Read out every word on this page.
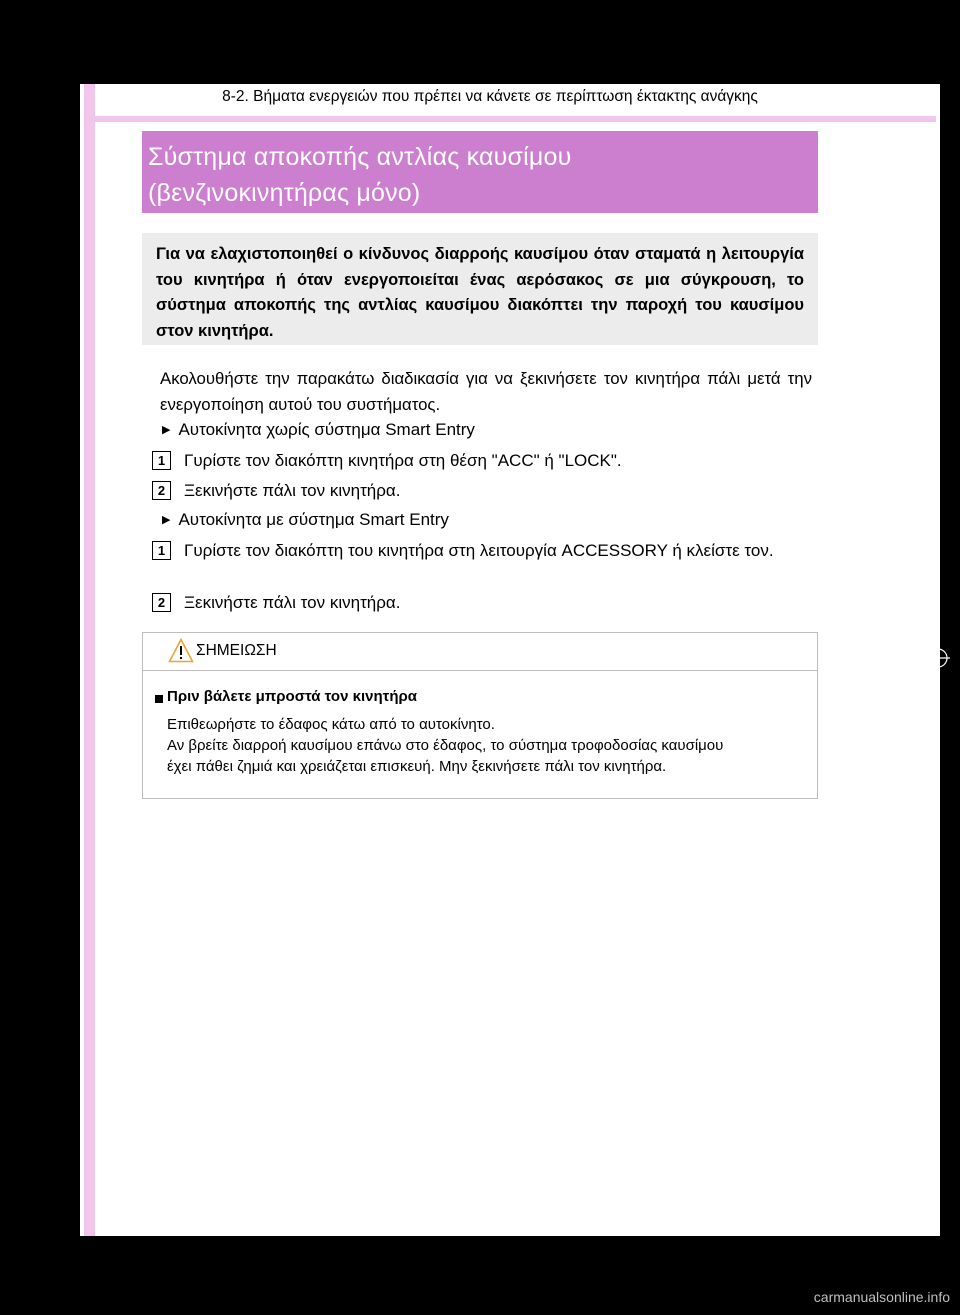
8-2. Βήματα ενεργειών που πρέπει να κάνετε σε περίπτωση έκτακτης ανάγκης
Σύστημα αποκοπής αντλίας καυσίμου
(βενζινοκινητήρας μόνο)

Για να ελαχιστοποιηθεί ο κίνδυνος διαρροής καυσίμου όταν σταματά η λειτουργία του κινητήρα ή όταν ενεργοποιείται ένας αερόσακος σε μια σύγκρουση, το σύστημα αποκοπής της αντλίας καυσίμου διακόπτει την παροχή του καυσίμου στον κινητήρα.

Ακολουθήστε την παρακάτω διαδικασία για να ξεκινήσετε τον κινητήρα πάλι μετά την ενεργοποίηση αυτού του συστήματος.

▶ Αυτοκίνητα χωρίς σύστημα Smart Entry
1	Γυρίστε τον διακόπτη κινητήρα στη θέση "ACC" ή "LOCK".
2	Ξεκινήστε πάλι τον κινητήρα.
▶ Αυτοκίνητα με σύστημα Smart Entry
1	Γυρίστε τον διακόπτη του κινητήρα στη λειτουργία ACCESSORY ή κλείστε τον.
2	Ξεκινήστε πάλι τον κινητήρα.
ΣΗΜΕΙΩΣΗ
Πριν βάλετε μπροστά τον κινητήρα
Επιθεωρήστε το έδαφος κάτω από το αυτοκίνητο.
Αν βρείτε διαρροή καυσίμου επάνω στο έδαφος, το σύστημα τροφοδοσίας καυσίμου
έχει πάθει ζημιά και χρειάζεται επισκευή. Μην ξεκινήσετε πάλι τον κινητήρα.
carmanualsonline.info
